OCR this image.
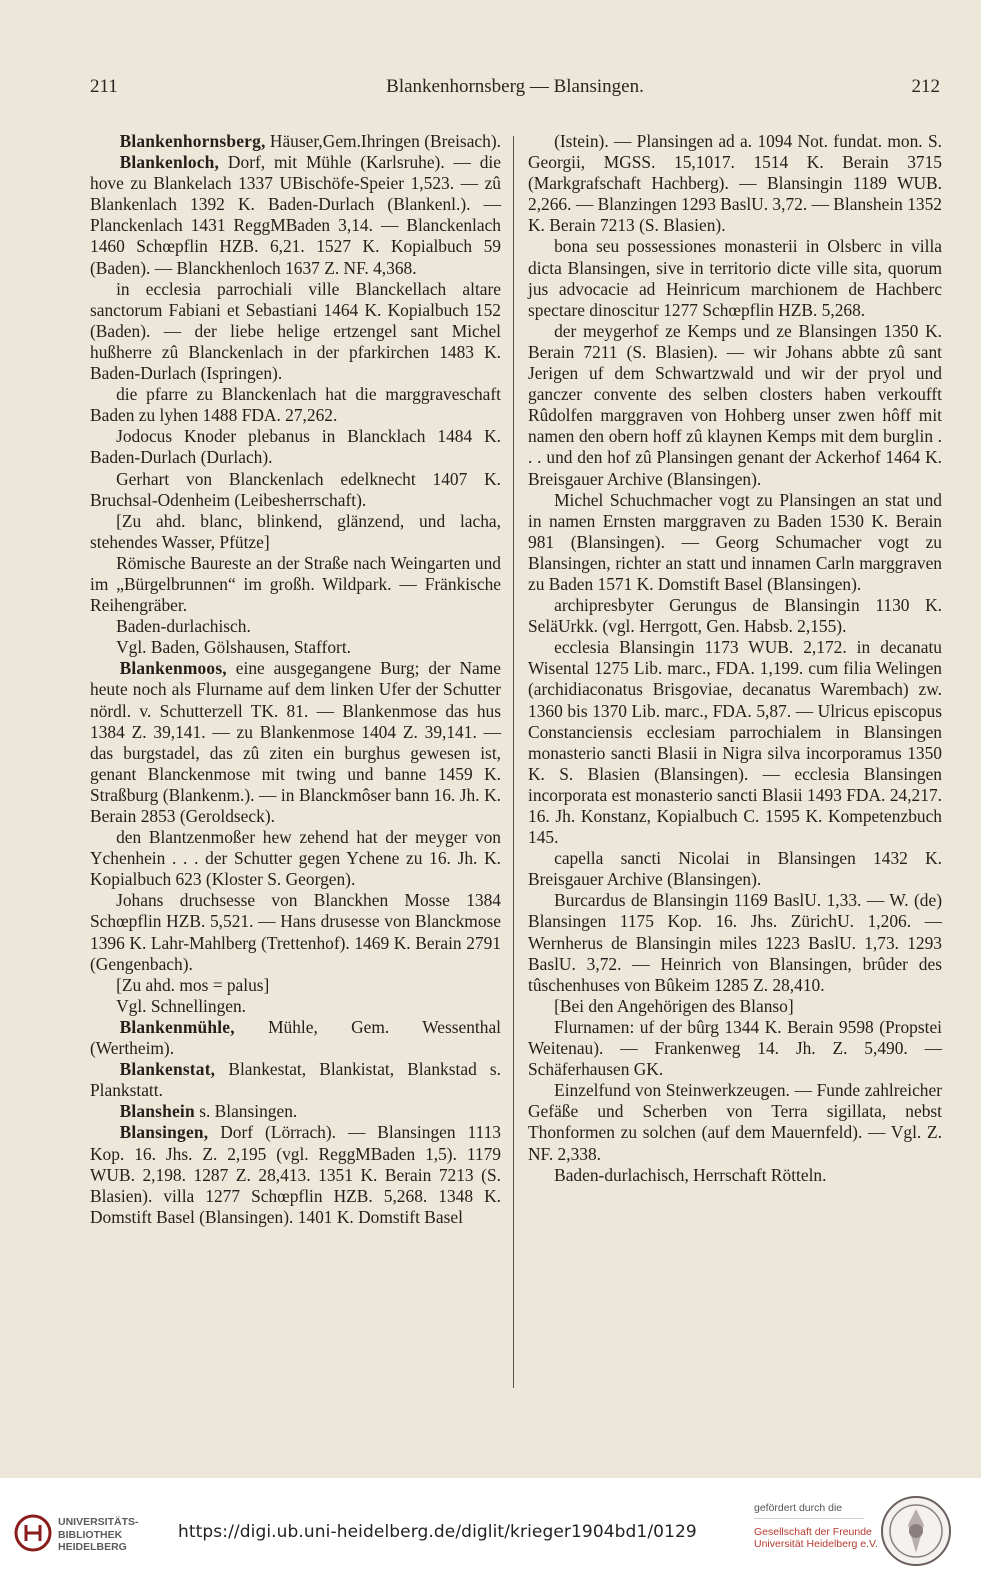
211	Blankenhornsberg — Blansingen.	212

Blankenhornsberg, Häuser,Gem.Ihringen (Breisach).

Blankenloch, Dorf, mit Mühle (Karlsruhe). — die hove zu Blankelach 1337 UBischöfe-Speier 1,523. — zû Blankenlach 1392 K. Baden-Durlach (Blankenl.). — Planckenlach 1431 ReggMBaden 3,14. — Blanckenlach 1460 Schœpflin HZB. 6,21. 1527 K. Kopialbuch 59 (Baden). — Blanckhenloch 1637 Z. NF. 4,368.

in ecclesia parrochiali ville Blanckellach altare sanctorum Fabiani et Sebastiani 1464 K. Kopialbuch 152 (Baden). — der liebe helige ertzengel sant Michel hußherre zû Blanckenlach in der pfarkirchen 1483 K. Baden-Durlach (Ispringen).

die pfarre zu Blanckenlach hat die marggraveschaft Baden zu lyhen 1488 FDA. 27,262.

Jodocus Knoder plebanus in Blancklach 1484 K. Baden-Durlach (Durlach).

Gerhart von Blanckenlach edelknecht 1407 K. Bruchsal-Odenheim (Leibesherrschaft).

[Zu ahd. blanc, blinkend, glänzend, und lacha, stehendes Wasser, Pfütze]

Römische Baureste an der Straße nach Weingarten und im „Bürgelbrunnen“ im großh. Wildpark. — Fränkische Reihengräber.

Baden-durlachisch.

Vgl. Baden, Gölshausen, Staffort.

Blankenmoos, eine ausgegangene Burg; der Name heute noch als Flurname auf dem linken Ufer der Schutter nördl. v. Schutterzell TK. 81. — Blankenmose das hus 1384 Z. 39,141. — zu Blankenmose 1404 Z. 39,141. — das burgstadel, das zû ziten ein burghus gewesen ist, genant Blanckenmose mit twing und banne 1459 K. Straßburg (Blankenm.). — in Blanckmôser bann 16. Jh. K. Berain 2853 (Geroldseck).

den Blantzenmoßer hew zehend hat der meyger von Ychenhein . . . der Schutter gegen Ychene zu 16. Jh. K. Kopialbuch 623 (Kloster S. Georgen).

Johans druchsesse von Blanckhen Mosse 1384 Schœpflin HZB. 5,521. — Hans drusesse von Blanckmose 1396 K. Lahr-Mahlberg (Trettenhof). 1469 K. Berain 2791 (Gengenbach).

[Zu ahd. mos = palus]

Vgl. Schnellingen.

Blankenmühle, Mühle, Gem. Wessenthal (Wertheim).

Blankenstat, Blankestat, Blankistat, Blankstad s. Plankstatt.

Blanshein s. Blansingen.

Blansingen, Dorf (Lörrach). — Blansingen 1113 Kop. 16. Jhs. Z. 2,195 (vgl. ReggMBaden 1,5). 1179 WUB. 2,198. 1287 Z. 28,413. 1351 K. Berain 7213 (S. Blasien). villa 1277 Schœpflin HZB. 5,268. 1348 K. Domstift Basel (Blansingen). 1401 K. Domstift Basel

(Istein). — Plansingen ad a. 1094 Not. fundat. mon. S. Georgii, MGSS. 15,1017. 1514 K. Berain 3715 (Markgrafschaft Hachberg). — Blansingin 1189 WUB. 2,266. — Blanzingen 1293 BaslU. 3,72. — Blanshein 1352 K. Berain 7213 (S. Blasien).

bona seu possessiones monasterii in Olsberc in villa dicta Blansingen, sive in territorio dicte ville sita, quorum jus advocacie ad Heinricum marchionem de Hachberc spectare dinoscitur 1277 Schœpflin HZB. 5,268.

der meygerhof ze Kemps und ze Blansingen 1350 K. Berain 7211 (S. Blasien). — wir Johans abbte zû sant Jerigen uf dem Schwartzwald und wir der pryol und ganczer convente des selben closters haben verkoufft Rûdolfen marggraven von Hohberg unser zwen hôff mit namen den obern hoff zû klaynen Kemps mit dem burglin . . . und den hof zû Plansingen genant der Ackerhof 1464 K. Breisgauer Archive (Blansingen).

Michel Schuchmacher vogt zu Plansingen an stat und in namen Ernsten marggraven zu Baden 1530 K. Berain 981 (Blansingen). — Georg Schumacher vogt zu Blansingen, richter an statt und innamen Carln marggraven zu Baden 1571 K. Domstift Basel (Blansingen).

archipresbyter Gerungus de Blansingin 1130 K. SeläUrkk. (vgl. Herrgott, Gen. Habsb. 2,155).

ecclesia Blansingin 1173 WUB. 2,172. in decanatu Wisental 1275 Lib. marc., FDA. 1,199. cum filia Welingen (archidiaconatus Brisgoviae, decanatus Warembach) zw. 1360 bis 1370 Lib. marc., FDA. 5,87. — Ulricus episcopus Constanciensis ecclesiam parrochialem in Blansingen monasterio sancti Blasii in Nigra silva incorporamus 1350 K. S. Blasien (Blansingen). — ecclesia Blansingen incorporata est monasterio sancti Blasii 1493 FDA. 24,217. 16. Jh. Konstanz, Kopialbuch C. 1595 K. Kompetenzbuch 145.

capella sancti Nicolai in Blansingen 1432 K. Breisgauer Archive (Blansingen).

Burcardus de Blansingin 1169 BaslU. 1,33. — W. (de) Blansingen 1175 Kop. 16. Jhs. ZürichU. 1,206. — Wernherus de Blansingin miles 1223 BaslU. 1,73. 1293 BaslU. 3,72. — Heinrich von Blansingen, brûder des tûschenhuses von Bûkeim 1285 Z. 28,410.

[Bei den Angehörigen des Blanso]

Flurnamen: uf der bûrg 1344 K. Berain 9598 (Propstei Weitenau). — Frankenweg 14. Jh. Z. 5,490. — Schäferhausen GK.

Einzelfund von Steinwerkzeugen. — Funde zahlreicher Gefäße und Scherben von Terra sigillata, nebst Thonformen zu solchen (auf dem Mauernfeld). — Vgl. Z. NF. 2,338.

Baden-durlachisch, Herrschaft Rötteln.

UNIVERSITÄTS-
BIBLIOTHEK
HEIDELBERG
https://digi.ub.uni-heidelberg.de/diglit/krieger1904bd1/0129
gefördert durch die
Gesellschaft der Freunde
Universität Heidelberg e.V.
